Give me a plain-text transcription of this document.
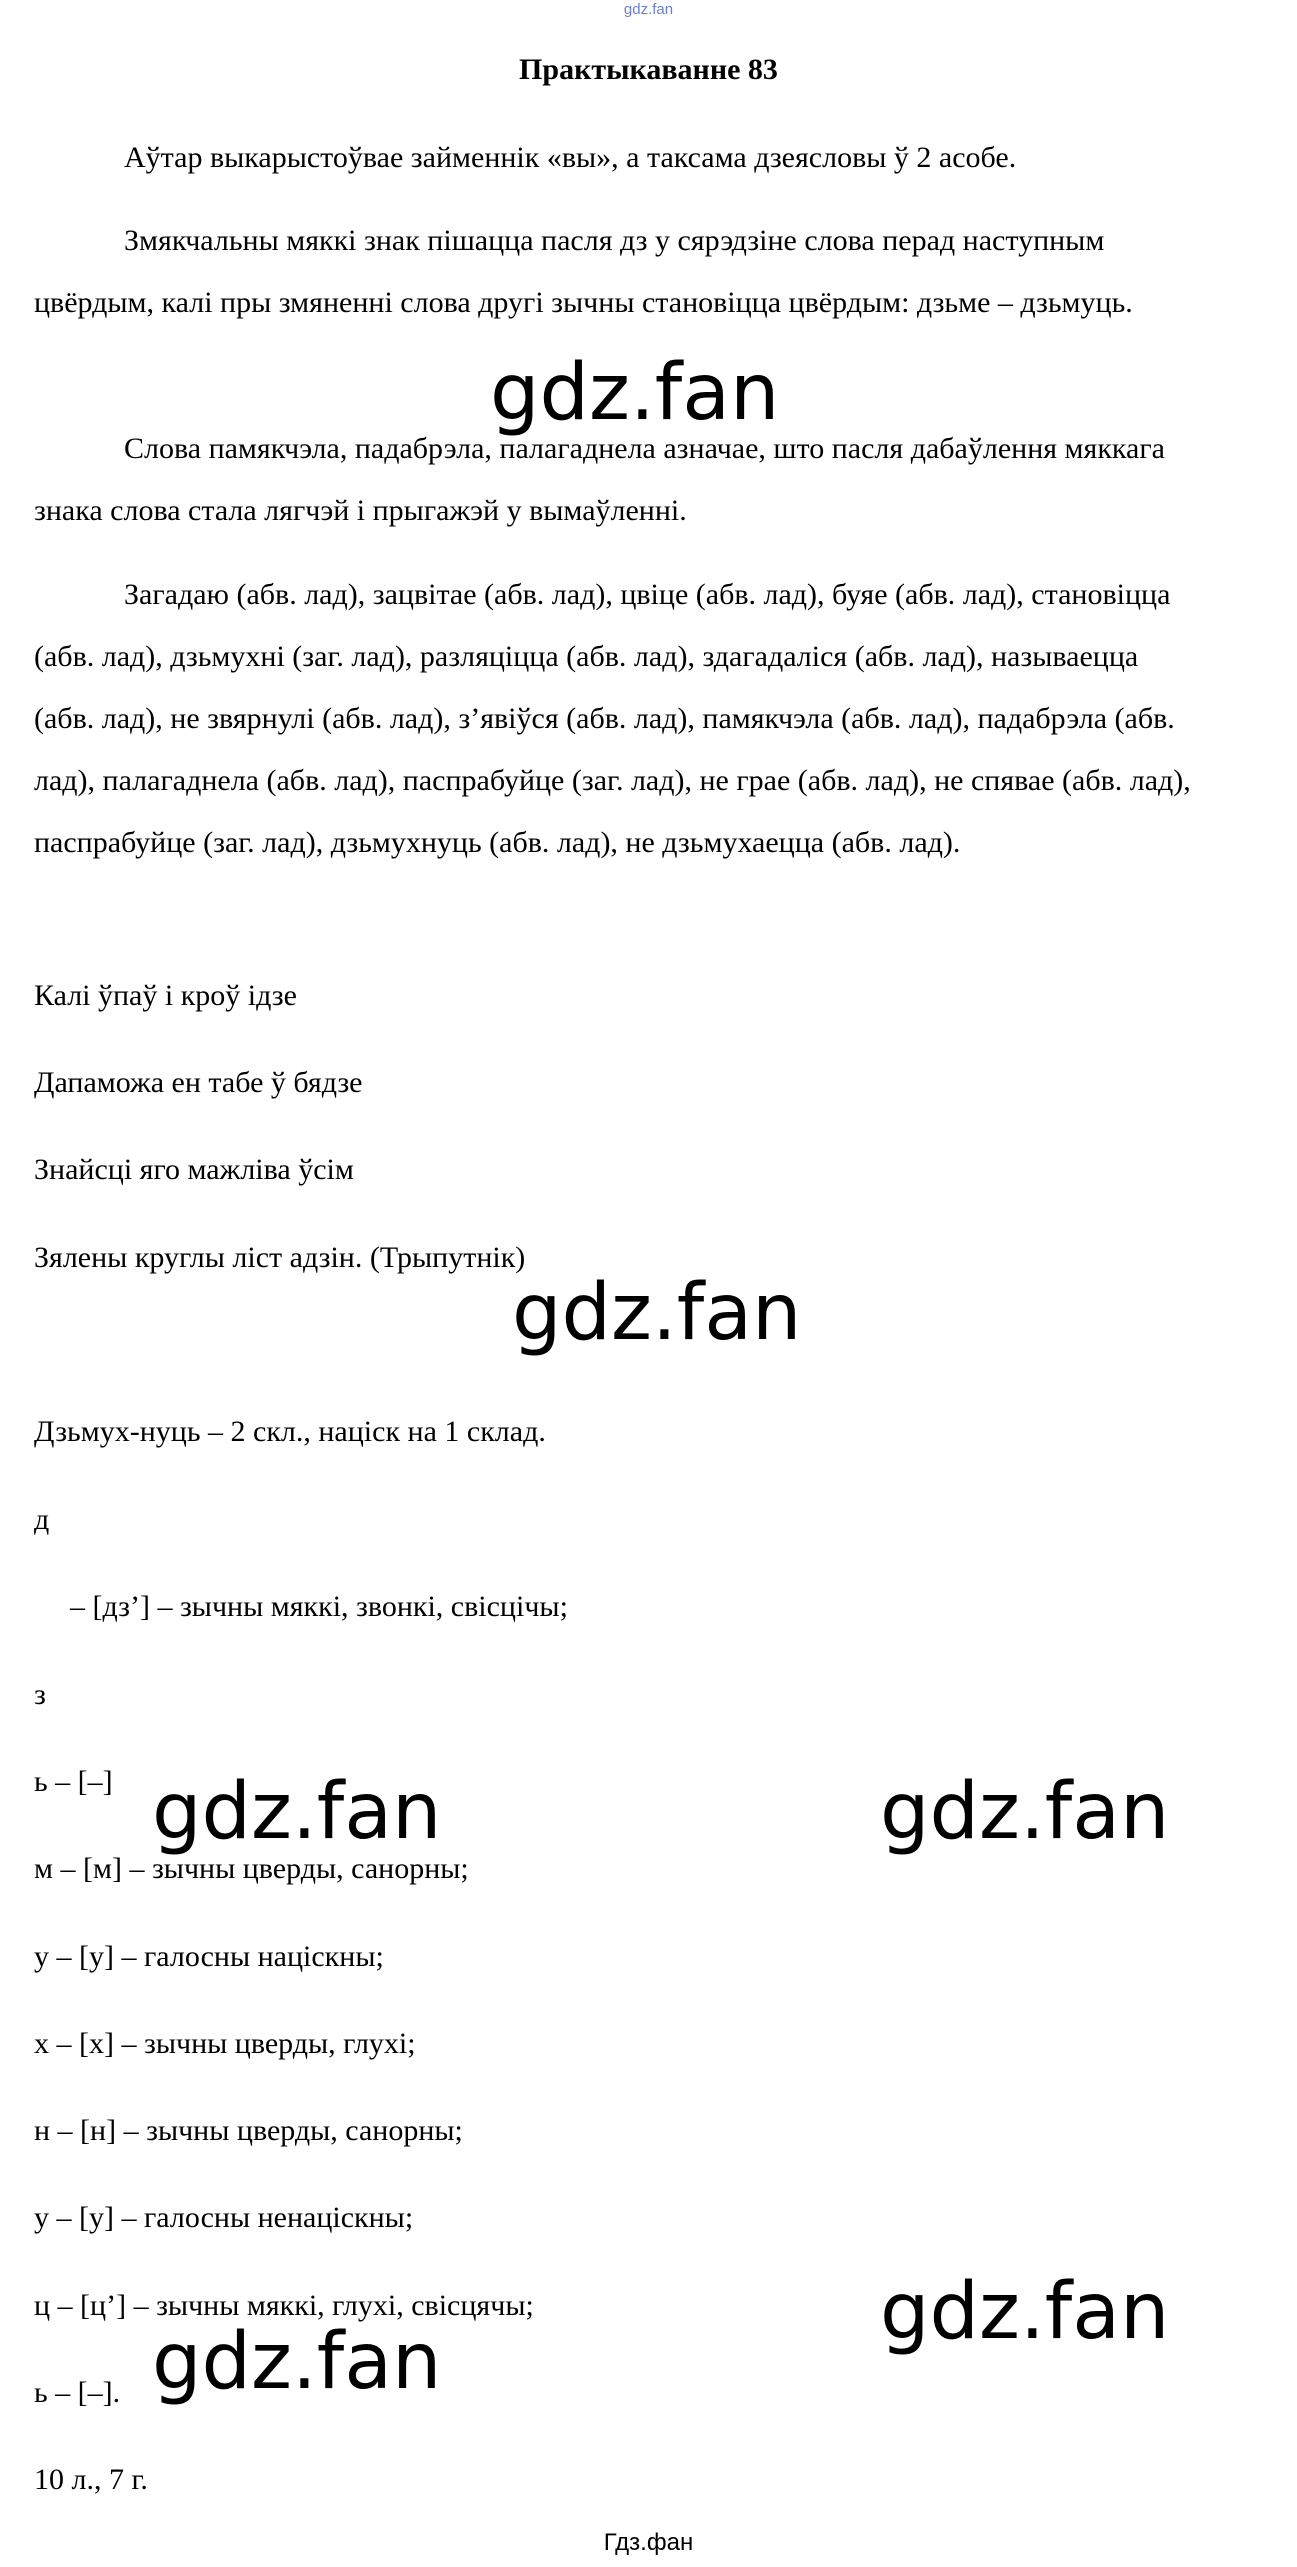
gdz.fan
Практыкаванне 83
Аўтар выкарыстоўвае займеннік «вы», а таксама дзеясловы ў 2 асобе.
Змякчальны мяккі знак пішацца пасля дз у сярэдзіне слова перад наступным цвёрдым, калі пры змяненні слова другі зычны становіцца цвёрдым: дзьме – дзьмуць.
Слова памякчэла, падабрэла, палагаднела азначае, што пасля дабаўлення мяккага знака слова стала лягчэй і прыгажэй у вымаўленні.
Загадаю (абв. лад), зацвітае (абв. лад), цвіце (абв. лад), буяе (абв. лад), становіцца (абв. лад), дзьмухні (заг. лад), разляціцца (абв. лад), здагадаліся (абв. лад), называецца (абв. лад), не звярнулі (абв. лад), з’явіўся (абв. лад), памякчэла (абв. лад), падабрэла (абв. лад), палагаднела (абв. лад), паспрабуйце (заг. лад), не грае (абв. лад), не спявае (абв. лад), паспрабуйце (заг. лад), дзьмухнуць (абв. лад), не дзьмухаецца (абв. лад).
Калі ўпаў і кроў ідзе
Дапаможа ен табе ў бядзе
Знайсці яго мажліва ўсім
Зялены круглы ліст адзін. (Трыпутнік)
Дзьмух-нуць – 2 скл., націск на 1 склад.
д
– [дз’] – зычны мяккі, звонкі, свісцічы;
з
ь – [–]
м – [м] – зычны цверды, санорны;
у – [у] – галосны націскны;
х – [х] – зычны цверды, глухі;
н – [н] – зычны цверды, санорны;
у – [у] – галосны ненаціскны;
ц – [ц’] – зычны мяккі, глухі, свісцячы;
ь – [–].
10 л., 7 г.
gdz.fan
gdz.fan
gdz.fan	gdz.fan
gdz.fan
gdz.fan
Гдз.фан
